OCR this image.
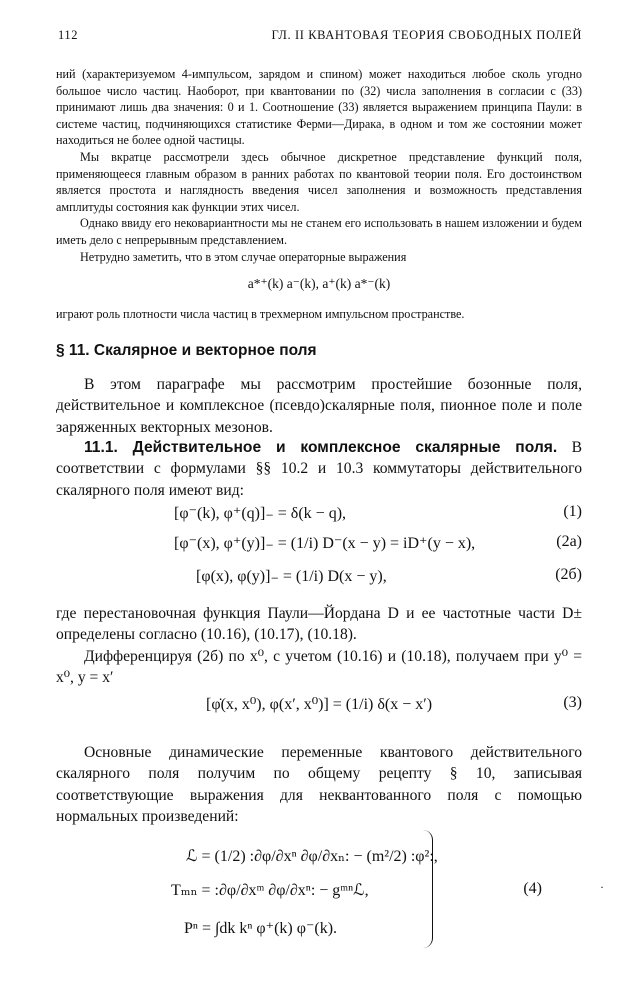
112	ГЛ. II КВАНТОВАЯ ТЕОРИЯ СВОБОДНЫХ ПОЛЕЙ

ний (характеризуемом 4-импульсом, зарядом и спином) может находиться любое сколь угодно большое число частиц. Наоборот, при квантовании по (32) числа заполнения в согласии с (33) принимают лишь два значения: 0 и 1. Соотношение (33) является выражением принципа Паули: в системе частиц, подчиняющихся статистике Ферми—Дирака, в одном и том же состоянии может находиться не более одной частицы.

Мы вкратце рассмотрели здесь обычное дискретное представление функций поля, применяющееся главным образом в ранних работах по квантовой теории поля. Его достоинством является простота и наглядность введения чисел заполнения и возможность представления амплитуды состояния как функции этих чисел.

Однако ввиду его нековариантности мы не станем его использовать в нашем изложении и будем иметь дело с непрерывным представлением.

Нетрудно заметить, что в этом случае операторные выражения

a*⁺(k) a⁻(k), a⁺(k) a*⁻(k)

играют роль плотности числа частиц в трехмерном импульсном пространстве.

§ 11. Скалярное и векторное поля

В этом параграфе мы рассмотрим простейшие бозонные поля, действительное и комплексное (псевдо)скалярные поля, пионное поле и поле заряженных векторных мезонов.

11.1. Действительное и комплексное скалярные поля. В соответствии с формулами §§ 10.2 и 10.3 коммутаторы действительного скалярного поля имеют вид:

[φ⁻(k), φ⁺(q)]₋ = δ(k − q),	(1)
[φ⁻(x), φ⁺(y)]₋ = (1/i) D⁻(x − y) = iD⁺(y − x),	(2а)
[φ(x), φ(y)]₋ = (1/i) D(x − y),	(2б)

где перестановочная функция Паули—Йордана D и ее частотные части D± определены согласно (10.16), (10.17), (10.18).

Дифференцируя (2б) по x⁰, с учетом (10.16) и (10.18), получаем при y⁰ = x⁰, y = x′

[φ̇(x, x⁰), φ(x′, x⁰)] = (1/i) δ(x − x′)	(3)

Основные динамические переменные квантового действительного скалярного поля получим по общему рецепту § 10, записывая соответствующие выражения для неквантованного поля с помощью нормальных произведений:

ℒ = (1/2) :∂φ/∂xⁿ ∂φ/∂xₙ: − (m²/2) :φ²:,
Tₘₙ = :∂φ/∂xᵐ ∂φ/∂xⁿ: − gᵐⁿℒ,	(4)
Pⁿ = ∫dk kⁿ φ⁺(k) φ⁻(k).
·
